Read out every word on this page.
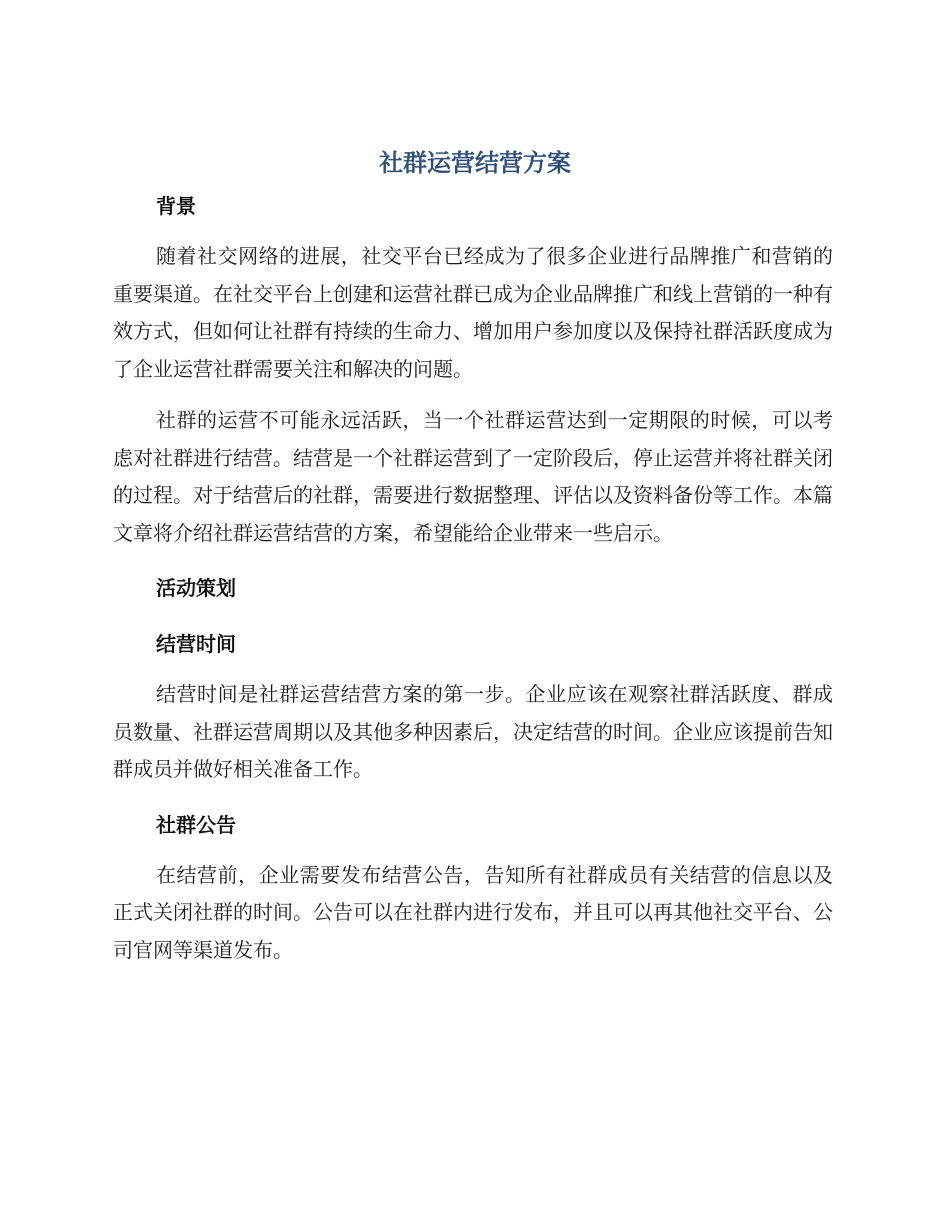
社群运营结营方案
背景

随着社交网络的进展，社交平台已经成为了很多企业进行品牌推广和营销的重要渠道。在社交平台上创建和运营社群已成为企业品牌推广和线上营销的一种有效方式，但如何让社群有持续的生命力、增加用户参加度以及保持社群活跃度成为了企业运营社群需要关注和解决的问题。

社群的运营不可能永远活跃，当一个社群运营达到一定期限的时候，可以考虑对社群进行结营。结营是一个社群运营到了一定阶段后，停止运营并将社群关闭的过程。对于结营后的社群，需要进行数据整理、评估以及资料备份等工作。本篇文章将介绍社群运营结营的方案，希望能给企业带来一些启示。

活动策划
结营时间

结营时间是社群运营结营方案的第一步。企业应该在观察社群活跃度、群成员数量、社群运营周期以及其他多种因素后，决定结营的时间。企业应该提前告知群成员并做好相关准备工作。

社群公告

在结营前，企业需要发布结营公告，告知所有社群成员有关结营的信息以及正式关闭社群的时间。公告可以在社群内进行发布，并且可以再其他社交平台、公司官网等渠道发布。
